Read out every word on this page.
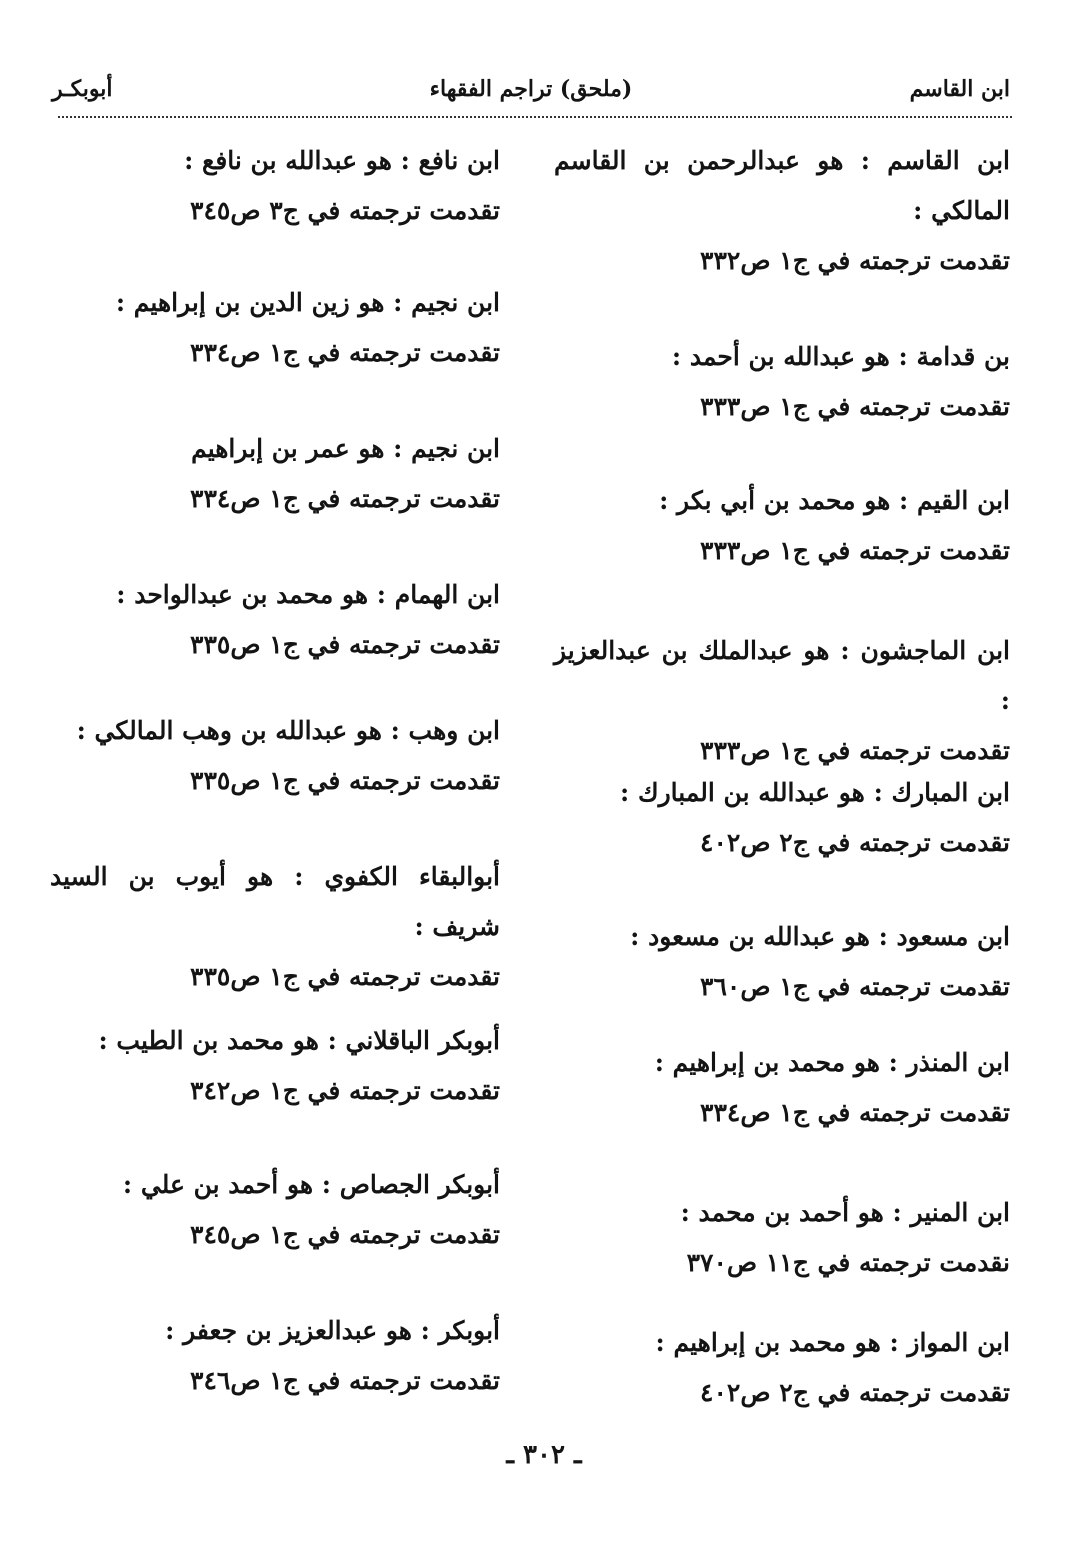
ابن القاسم
(ملحق) تراجم الفقهاء
أبوبكـر
ابن القاسم : هو عبدالرحمن بن القاسم المالكي :
تقدمت ترجمته في ج١ ص٣٣٢
بن قدامة : هو عبدالله بن أحمد :
تقدمت ترجمته في ج١ ص٣٣٣
ابن القيم : هو محمد بن أبي بكر :
تقدمت ترجمته في ج١ ص٣٣٣
ابن الماجشون : هو عبدالملك بن عبدالعزيز :
تقدمت ترجمته في ج١ ص٣٣٣
ابن المبارك : هو عبدالله بن المبارك :
تقدمت ترجمته في ج٢ ص٤٠٢
ابن مسعود : هو عبدالله بن مسعود :
تقدمت ترجمته في ج١ ص٣٦٠
ابن المنذر : هو محمد بن إبراهيم :
تقدمت ترجمته في ج١ ص٣٣٤
ابن المنير : هو أحمد بن محمد :
نقدمت ترجمته في ج١١ ص٣٧٠
ابن المواز : هو محمد بن إبراهيم :
تقدمت ترجمته في ج٢ ص٤٠٢
ابن نافع : هو عبدالله بن نافع :
تقدمت ترجمته في ج٣ ص٣٤٥
ابن نجيم : هو زين الدين بن إبراهيم :
تقدمت ترجمته في ج١ ص٣٣٤
ابن نجيم : هو عمر بن إبراهيم
تقدمت ترجمته في ج١ ص٣٣٤
ابن الهمام : هو محمد بن عبدالواحد :
تقدمت ترجمته في ج١ ص٣٣٥
ابن وهب : هو عبدالله بن وهب المالكي :
تقدمت ترجمته في ج١ ص٣٣٥
أبوالبقاء الكفوي : هو أيوب بن السيد شريف :
تقدمت ترجمته في ج١ ص٣٣٥
أبوبكر الباقلاني : هو محمد بن الطيب :
تقدمت ترجمته في ج١ ص٣٤٢
أبوبكر الجصاص : هو أحمد بن علي :
تقدمت ترجمته في ج١ ص٣٤٥
أبوبكر : هو عبدالعزيز بن جعفر :
تقدمت ترجمته في ج١ ص٣٤٦
ـ ٣٠٢ ـ
